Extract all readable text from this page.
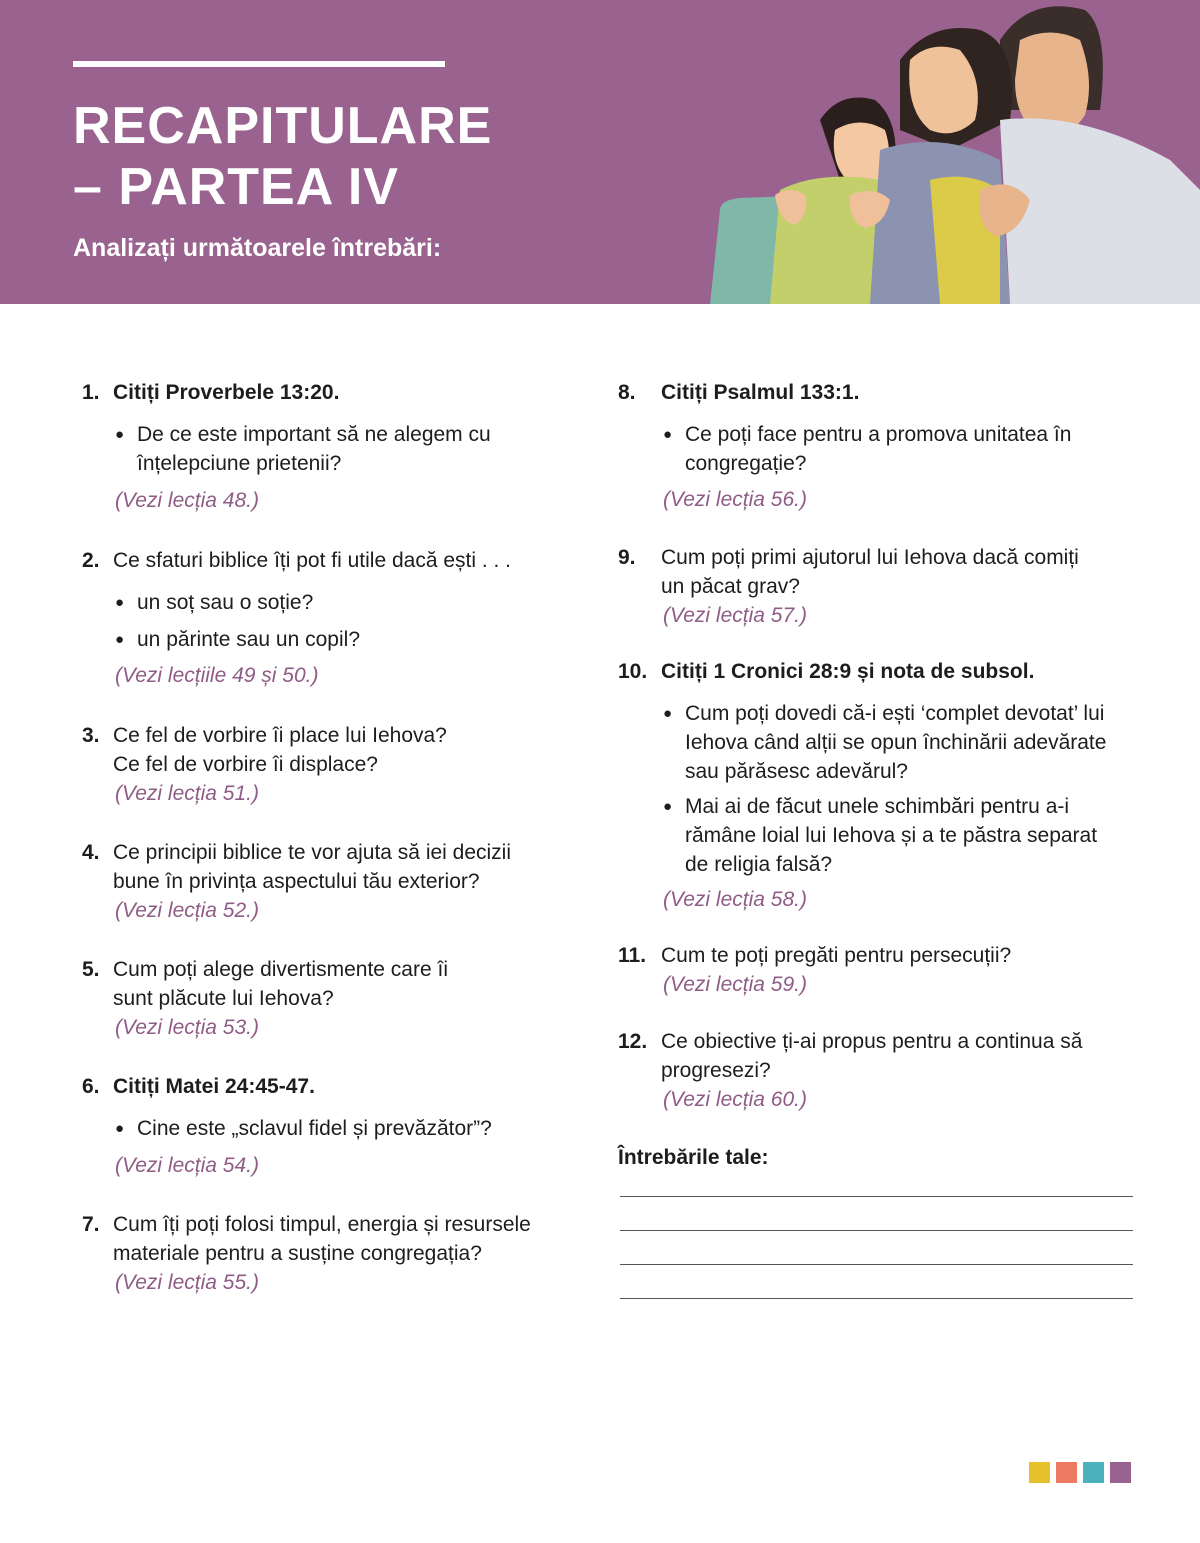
RECAPITULARE
– PARTEA IV

Analizați următoarele întrebări:

1. Citiți Proverbele 13:20.
● De ce este important să ne alegem cu înțelepciune prietenii?
(Vezi lecția 48.)
2. Ce sfaturi biblice îți pot fi utile dacă ești . . .
● un soț sau o soție?
● un părinte sau un copil?
(Vezi lecțiile 49 și 50.)
3. Ce fel de vorbire îi place lui Iehova? Ce fel de vorbire îi displace?
(Vezi lecția 51.)
4. Ce principii biblice te vor ajuta să iei decizii bune în privința aspectului tău exterior?
(Vezi lecția 52.)
5. Cum poți alege divertismente care îi sunt plăcute lui Iehova?
(Vezi lecția 53.)
6. Citiți Matei 24:45-47.
● Cine este „sclavul fidel și prevăzător”?
(Vezi lecția 54.)
7. Cum îți poți folosi timpul, energia și resursele materiale pentru a susține congregația?
(Vezi lecția 55.)
8.	Citiți Psalmul 133:1.
● Ce poți face pentru a promova unitatea în congregație?
(Vezi lecția 56.)
9.	Cum poți primi ajutorul lui Iehova dacă comiți un păcat grav?
(Vezi lecția 57.)
10. Citiți 1 Cronici 28:9 și nota de subsol.
● Cum poți dovedi că-i ești ‘complet devotat’ lui Iehova când alții se opun închinării adevărate sau părăsesc adevărul?
● Mai ai de făcut unele schimbări pentru a-i rămâne loial lui Iehova și a te păstra separat de religia falsă?
(Vezi lecția 58.)
11. Cum te poți pregăti pentru persecuții?
(Vezi lecția 59.)
12. Ce obiective ți-ai propus pentru a continua să progresezi?
(Vezi lecția 60.)
Întrebările tale:
